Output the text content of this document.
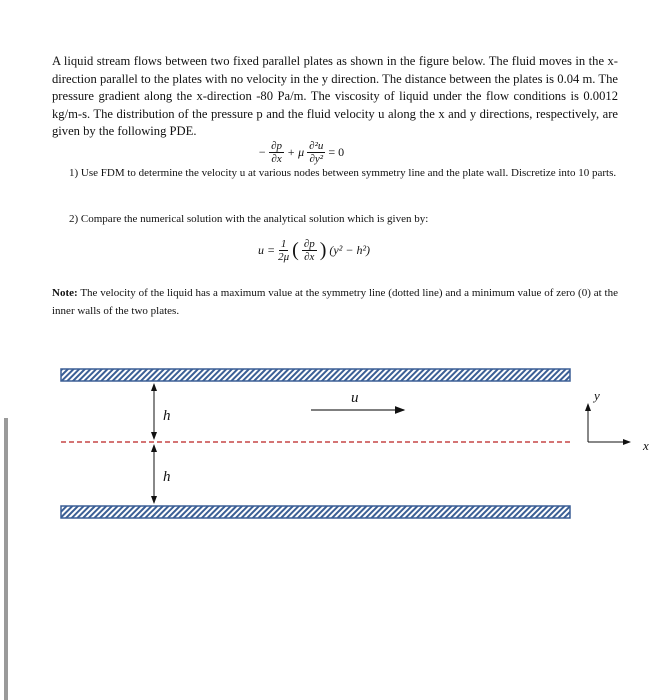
A liquid stream flows between two fixed parallel plates as shown in the figure below. The fluid moves in the x-direction parallel to the plates with no velocity in the y direction. The distance between the plates is 0.04 m. The pressure gradient along the x-direction -80 Pa/m. The viscosity of liquid under the flow conditions is 0.0012 kg/m-s. The distribution of the pressure p and the fluid velocity u along the x and y directions, respectively, are given by the following PDE.
− $\frac{\partial p}{\partial x} + \mu \frac{\text{∂²u}}{\text{∂y²}} = 0$
1) Use FDM to determine the velocity u at various nodes between symmetry line and the plate wall. Discretize into 10 parts.
2) Compare the numerical solution with the analytical solution which is given by:
$u = \frac{1}{2\mu}$ ( $\frac{\partial p}{\partial x}$ ) (y² − h²)
Note: The velocity of the liquid has a maximum value at the symmetry line (dotted line) and a minimum value of zero (0) at the inner walls of the two plates.
h
h
u	y
x
